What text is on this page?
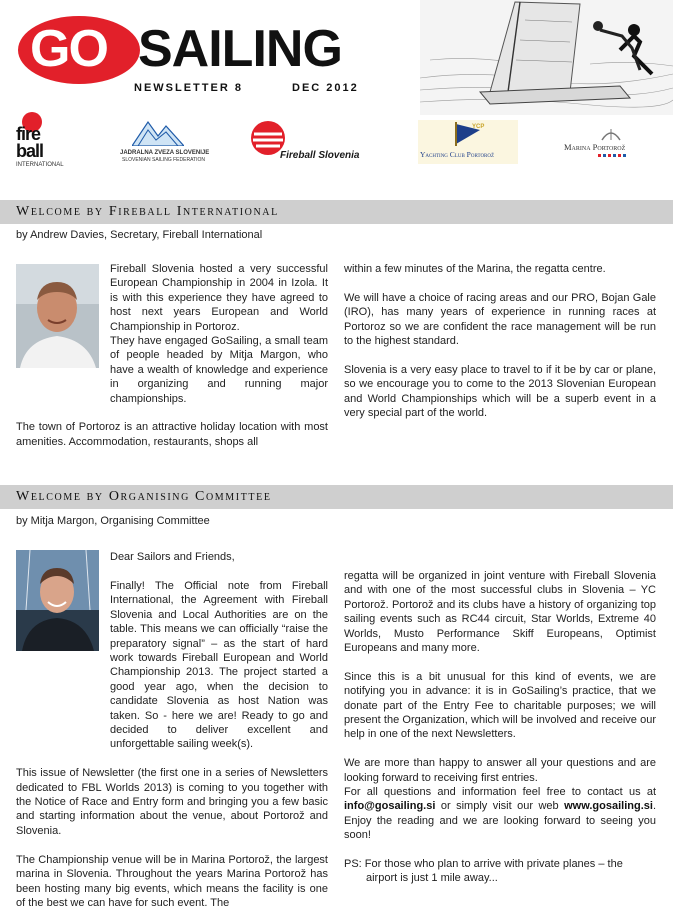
GO SAILING
NEWSLETTER 8	DEC 2012
fire
ball
INTERNATIONAL
JADRALNA ZVEZA SLOVENIJE
SLOVENIAN SAILING FEDERATION	Fireball Slovenia
YCP
Yachting Club Portorož
Marina Portorož
Welcome by Fireball International
by Andrew Davies, Secretary, Fireball International

Fireball Slovenia hosted a very successful European Championship in 2004 in Izola. It is with this experience they have agreed to host next years European and World Championship in Portoroz.

They have engaged GoSailing, a small team of people headed by Mitja Margon, who have a wealth of knowledge and experience in organizing and running major championships.

The town of Portoroz is an attractive holiday location with most amenities. Accommodation, restaurants, shops all

within a few minutes of the Marina, the regatta centre.

We will have a choice of racing areas and our PRO, Bojan Gale (IRO), has many years of experience in running races at Portoroz so we are confident the race management will be run to the highest standard.

Slovenia is a very easy place to travel to if it be by car or plane, so we encourage you to come to the 2013 Slovenian European and World Championships which will be a superb event in a very special part of the world.

Welcome by Organising Committee
by Mitja Margon, Organising Committee

Dear Sailors and Friends,

Finally! The Official note from Fireball International, the Agreement with Fireball Slovenia and Local Authorities are on the table. This means we can officially “raise the preparatory signal” – as the start of hard work towards Fireball European and World Championship 2013. The project started a good year ago, when the decision to candidate Slovenia as host Nation was taken. So - here we are! Ready to go and decided to deliver excellent and unforgettable sailing week(s).

This issue of Newsletter (the first one in a series of Newsletters dedicated to FBL Worlds 2013) is coming to you together with the Notice of Race and Entry form and bringing you a few basic and starting information about the venue, about Portorož and Slovenia.

The Championship venue will be in Marina Portorož, the largest marina in Slovenia. Throughout the years Marina Portorož has been hosting many big events, which means the facility is one of the best we can have for such event. The

regatta will be organized in joint venture with Fireball Slovenia and with one of the most successful clubs in Slovenia – YC Portorož. Portorož and its clubs have a history of organizing top sailing events such as RC44 circuit, Star Worlds, Extreme 40 Worlds, Musto Performance Skiff Europeans, Optimist Europeans and many more.

Since this is a bit unusual for this kind of events, we are notifying you in advance: it is in GoSailing’s practice, that we donate part of the Entry Fee to charitable purposes; we will present the Organization, which will be involved and receive our help in one of the next Newsletters.

We are more than happy to answer all your questions and are looking forward to receiving first entries.

For all questions and information feel free to contact us at info@gosailing.si or simply visit our web www.gosailing.si. Enjoy the reading and we are looking forward to seeing you soon!

PS: For those who plan to arrive with private planes – the airport is just 1 mile away...
